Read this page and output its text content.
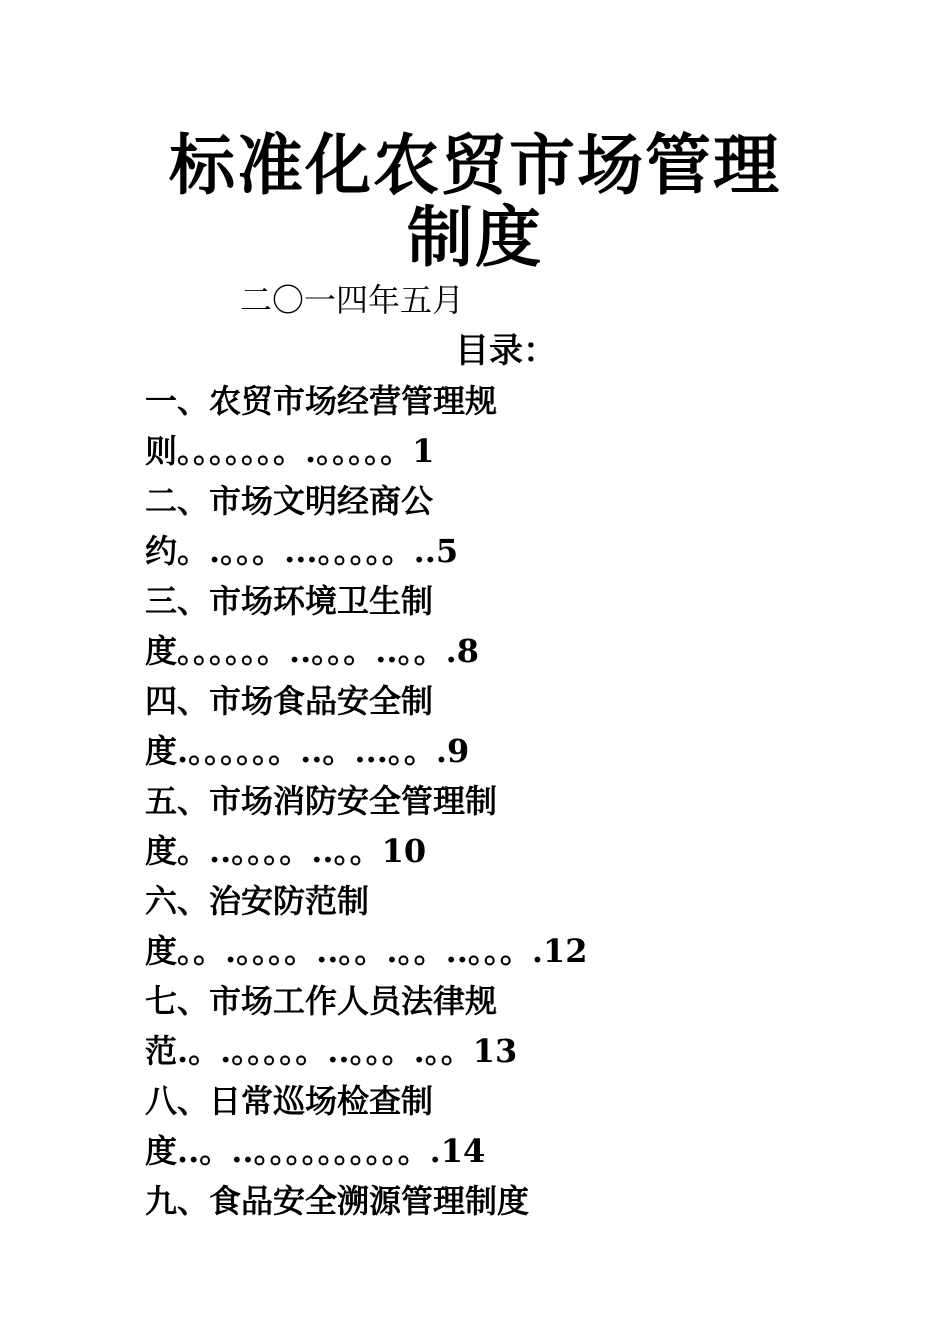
标准化农贸市场管理
制度
二〇一四年五月
目录：
一、农贸市场经营管理规
则。。。。。。。.。。。。。1
二、市场文明经商公
约。.。。。...。。。。。..5
三、市场环境卫生制
度。。。。。。..。。。..。。.8
四、市场食品安全制
度.。。。。。。..。...。。.9
五、市场消防安全管理制
度。..。。。。..。。10
六、治安防范制
度。。.。。。。..。。.。。..。。。.12
七、市场工作人员法律规
范.。.。。。。。..。。。.。。13
八、日常巡场检查制
度..。..。。。。。。。。。。.14
九、食品安全溯源管理制度
